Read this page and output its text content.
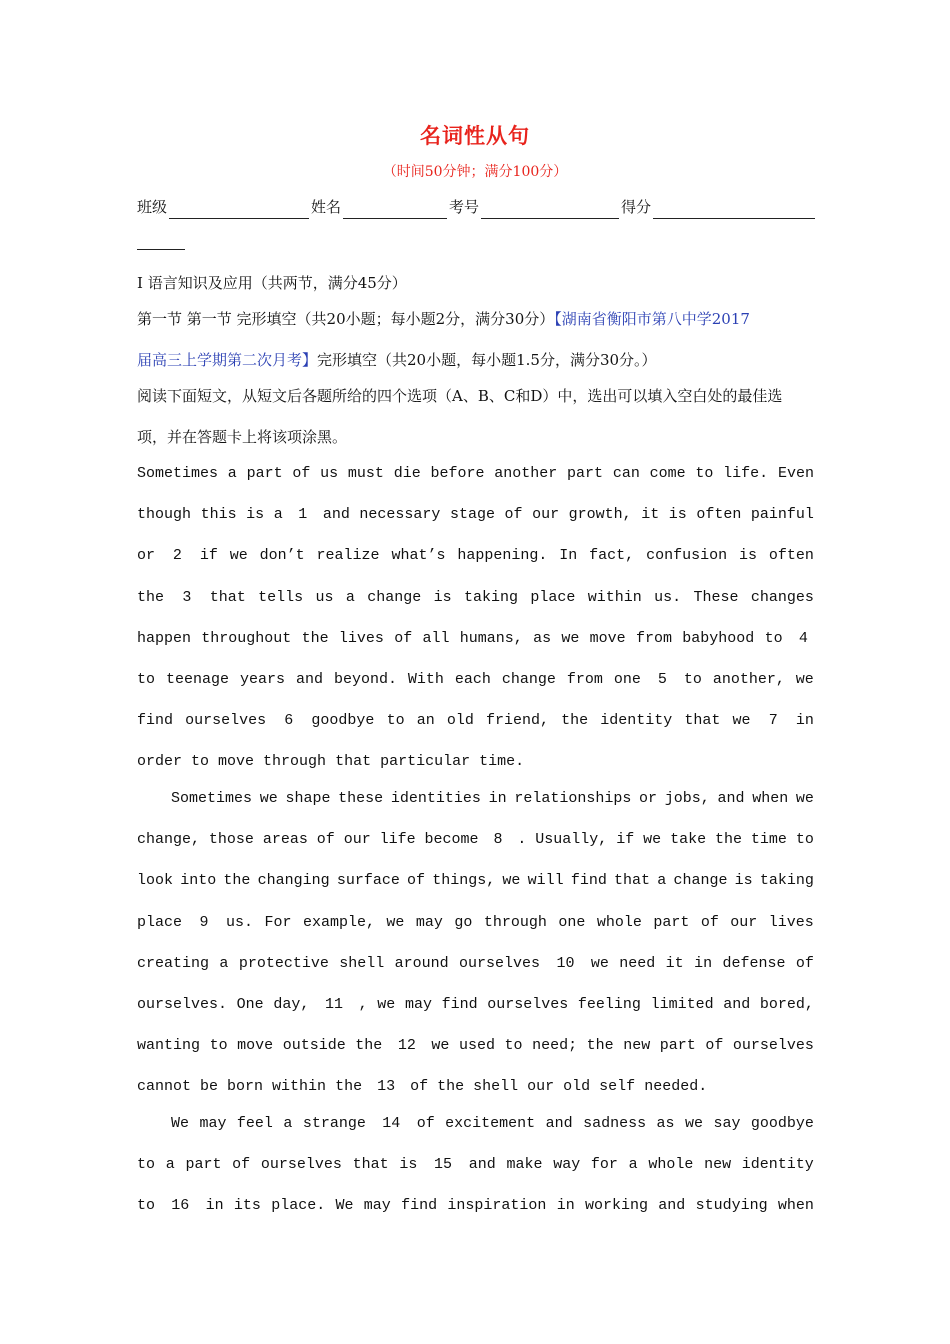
名词性从句
（时间50分钟；满分100分）
班级	姓名	考号	得分
I 语言知识及应用（共两节，满分45分）
第一节 第一节 完形填空（共20小题；每小题2分，满分30分）【湖南省衡阳市第八中学2017
届高三上学期第二次月考】完形填空（共20小题，每小题1.5分，满分30分。）
阅读下面短文，从短文后各题所给的四个选项（A、B、C和D）中，选出可以填入空白处的最佳选
项，并在答题卡上将该项涂黑。
Sometimes a part of us must die before another part can come to life. Even
though this is a	1	and necessary stage of our growth, it is often painful
or	2	if we don’t realize what’s happening. In fact, confusion is often
the	3	that tells us a change is taking place within us. These changes
happen throughout the lives of all humans, as we move from babyhood to	4
to teenage years and beyond. With each change from one	5	to another, we
find ourselves	6	goodbye to an old friend, the identity that we	7	in
order to move through that particular time.
Sometimes we shape these identities in relationships or jobs, and when we
change, those areas of our life become 8 . Usually, if we take the time to
look into the changing surface of things, we will find that a change is taking
place	9	us. For example, we may go through one whole part of our lives
creating a protective shell around ourselves	10	we need it in defense of
ourselves. One day,	11	, we may find ourselves feeling limited and bored,
wanting to move outside the	12	we used to need; the new part of ourselves
cannot be born within the	13	of the shell our old self needed.
We may feel a strange	14	of excitement and sadness as we say goodbye
to a part of ourselves that is	15	and make way for a whole new identity
to	16	in its place. We may find inspiration in working and studying when
